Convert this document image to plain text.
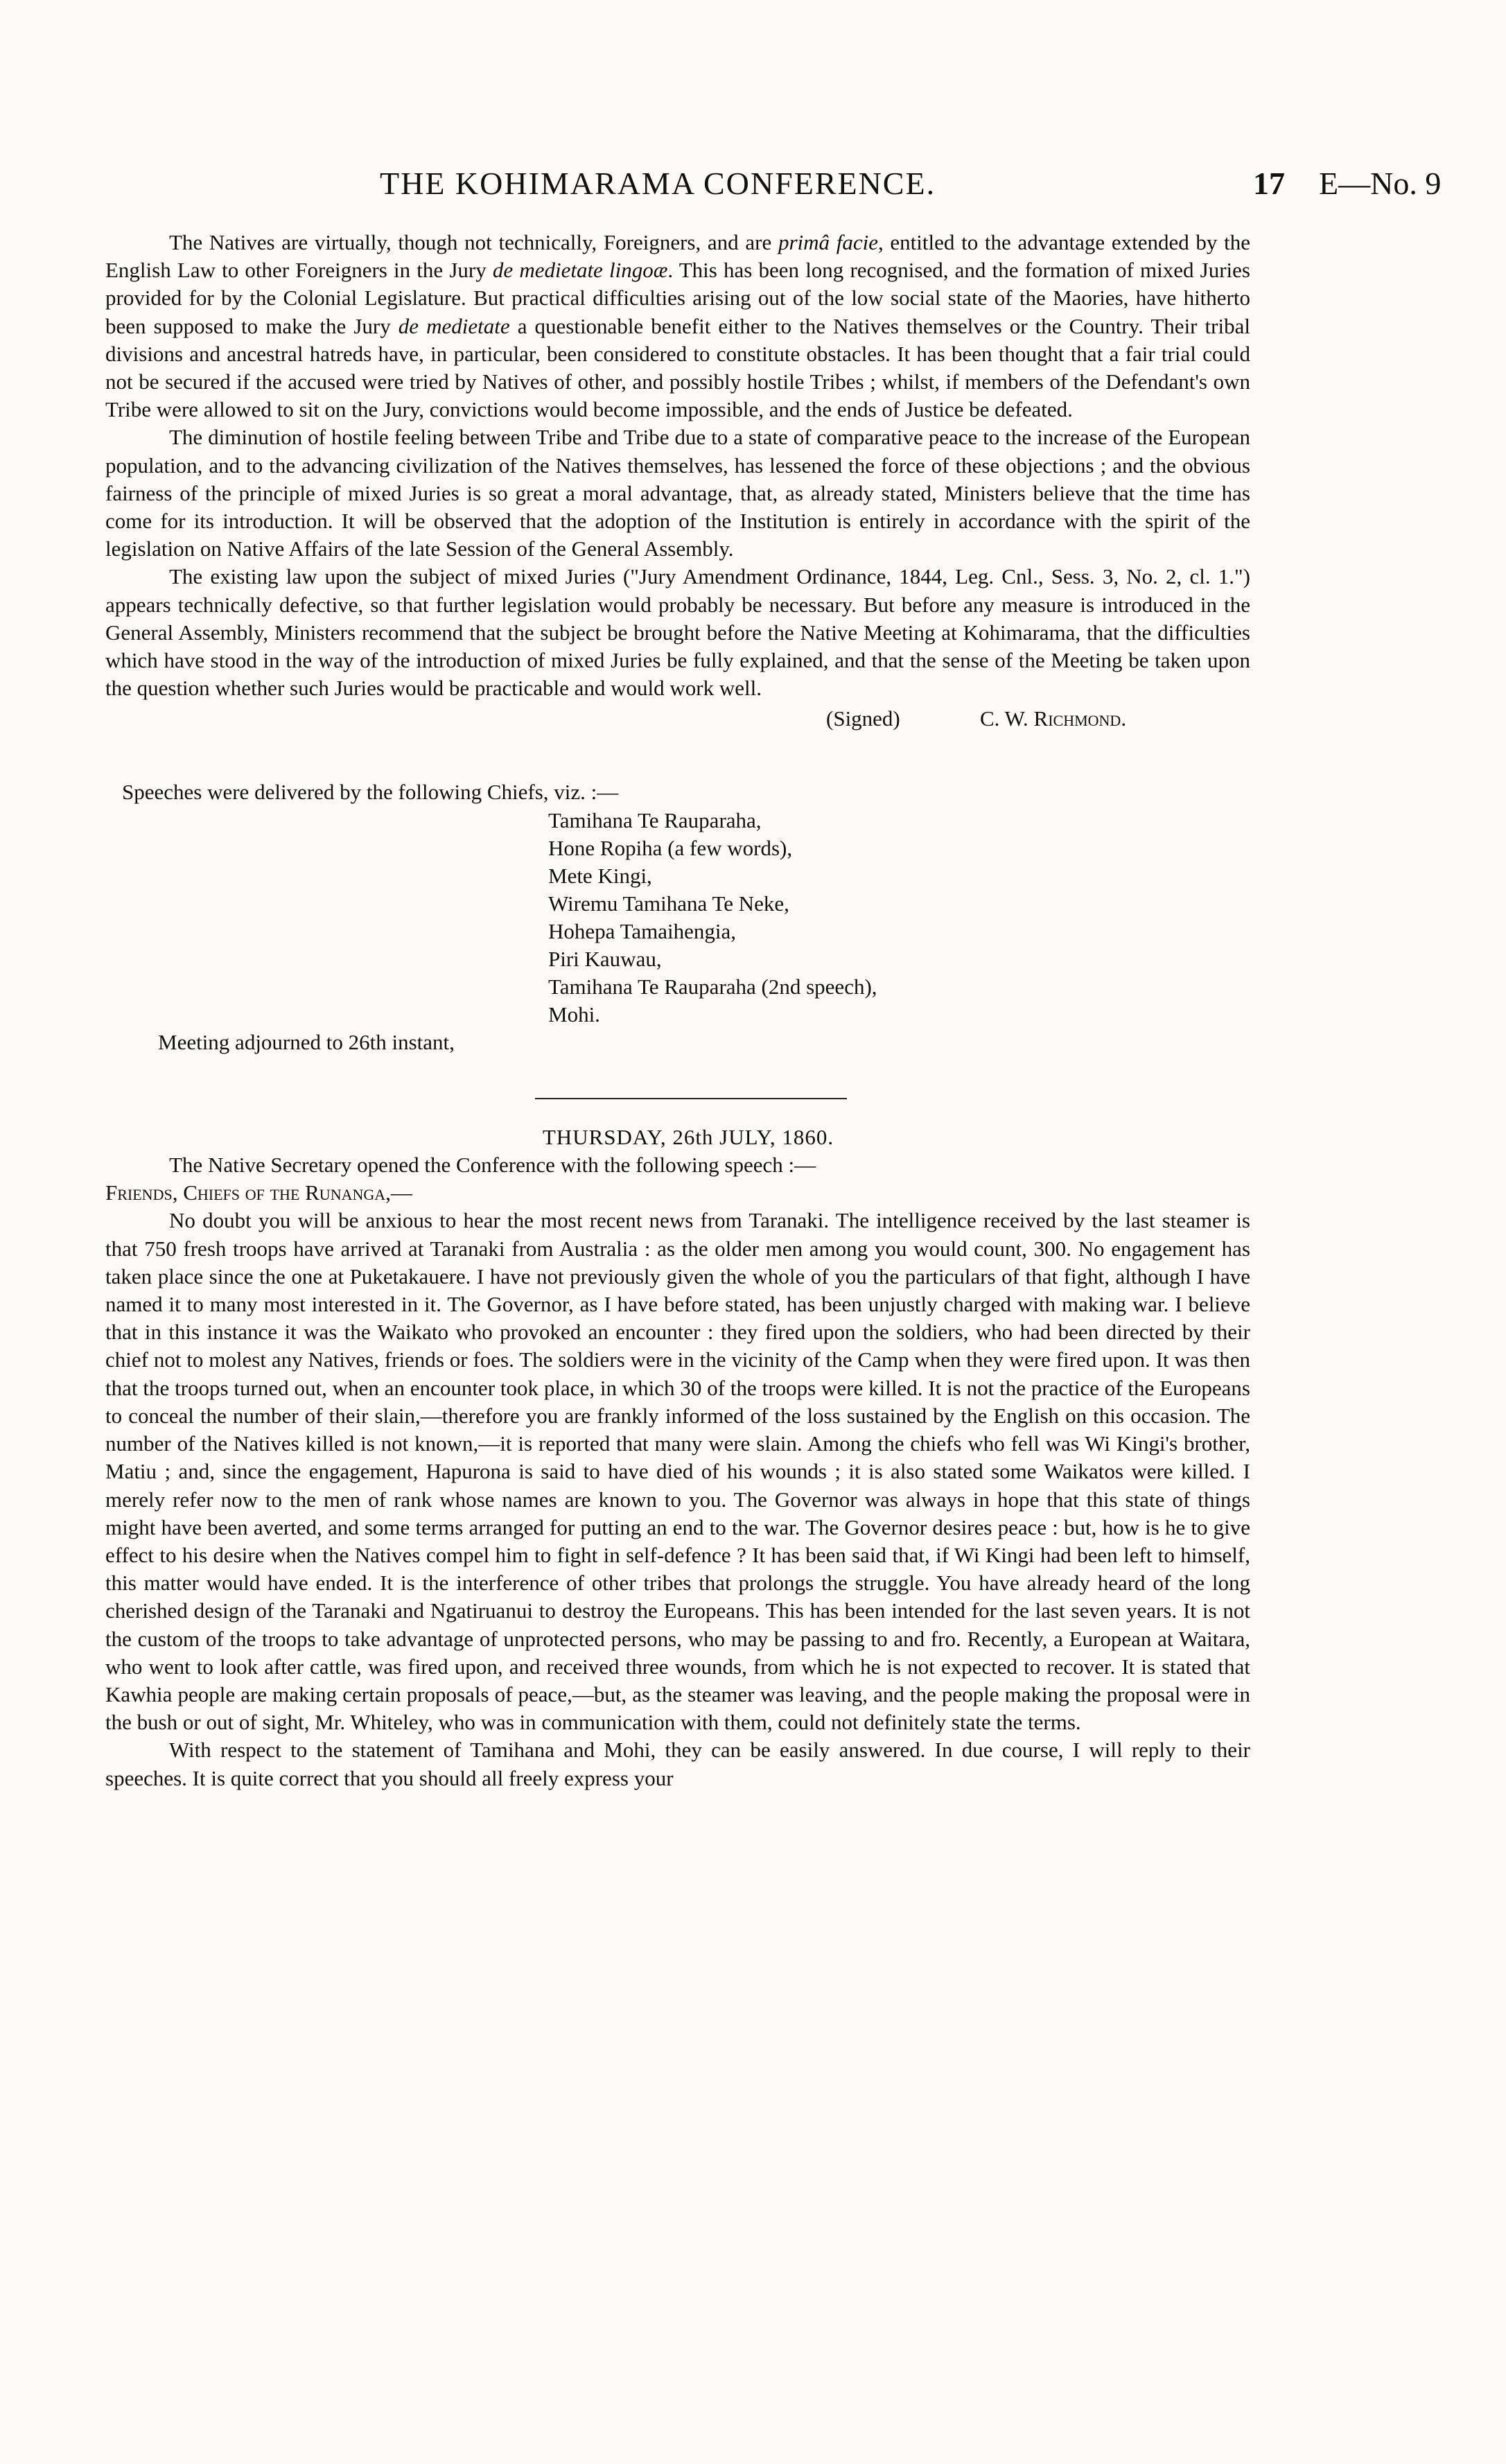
THE KOHIMARAMA CONFERENCE.	17 E—No. 9

The Natives are virtually, though not technically, Foreigners, and are primâ facie, entitled to the advantage extended by the English Law to other Foreigners in the Jury de medietate lingoæ. This has been long recognised, and the formation of mixed Juries provided for by the Colonial Legislature. But practical difficulties arising out of the low social state of the Maories, have hitherto been supposed to make the Jury de medietate a questionable benefit either to the Natives themselves or the Country. Their tribal divisions and ancestral hatreds have, in particular, been considered to constitute obstacles. It has been thought that a fair trial could not be secured if the accused were tried by Natives of other, and possibly hostile Tribes ; whilst, if members of the Defendant's own Tribe were allowed to sit on the Jury, convictions would become impossible, and the ends of Justice be defeated.

The diminution of hostile feeling between Tribe and Tribe due to a state of comparative peace to the increase of the European population, and to the advancing civilization of the Natives themselves, has lessened the force of these objections ; and the obvious fairness of the principle of mixed Juries is so great a moral advantage, that, as already stated, Ministers believe that the time has come for its introduction. It will be observed that the adoption of the Institution is entirely in accordance with the spirit of the legislation on Native Affairs of the late Session of the General Assembly.

The existing law upon the subject of mixed Juries ("Jury Amendment Ordinance, 1844, Leg. Cnl., Sess. 3, No. 2, cl. 1.") appears technically defective, so that further legislation would probably be necessary. But before any measure is introduced in the General Assembly, Ministers recommend that the subject be brought before the Native Meeting at Kohimarama, that the difficulties which have stood in the way of the introduction of mixed Juries be fully explained, and that the sense of the Meeting be taken upon the question whether such Juries would be practicable and would work well.

(Signed)	C. W. Richmond.
Speeches were delivered by the following Chiefs, viz. :—
Tamihana Te Rauparaha,
Hone Ropiha (a few words),
Mete Kingi,
Wiremu Tamihana Te Neke,
Hohepa Tamaihengia,
Piri Kauwau,
Tamihana Te Rauparaha (2nd speech),
Mohi.
Meeting adjourned to 26th instant,
THURSDAY, 26th JULY, 1860.

The Native Secretary opened the Conference with the following speech :—

Friends, Chiefs of the Runanga,—

No doubt you will be anxious to hear the most recent news from Taranaki. The intelligence received by the last steamer is that 750 fresh troops have arrived at Taranaki from Australia : as the older men among you would count, 300. No engagement has taken place since the one at Puketakauere. I have not previously given the whole of you the particulars of that fight, although I have named it to many most interested in it. The Governor, as I have before stated, has been unjustly charged with making war. I believe that in this instance it was the Waikato who provoked an encounter : they fired upon the soldiers, who had been directed by their chief not to molest any Natives, friends or foes. The soldiers were in the vicinity of the Camp when they were fired upon. It was then that the troops turned out, when an encounter took place, in which 30 of the troops were killed. It is not the practice of the Europeans to conceal the number of their slain,—therefore you are frankly informed of the loss sustained by the English on this occasion. The number of the Natives killed is not known,—it is reported that many were slain. Among the chiefs who fell was Wi Kingi's brother, Matiu ; and, since the engagement, Hapurona is said to have died of his wounds ; it is also stated some Waikatos were killed. I merely refer now to the men of rank whose names are known to you. The Governor was always in hope that this state of things might have been averted, and some terms arranged for putting an end to the war. The Governor desires peace : but, how is he to give effect to his desire when the Natives compel him to fight in self-defence ? It has been said that, if Wi Kingi had been left to himself, this matter would have ended. It is the interference of other tribes that prolongs the struggle. You have already heard of the long cherished design of the Taranaki and Ngatiruanui to destroy the Europeans. This has been intended for the last seven years. It is not the custom of the troops to take advantage of unprotected persons, who may be passing to and fro. Recently, a European at Waitara, who went to look after cattle, was fired upon, and received three wounds, from which he is not expected to recover. It is stated that Kawhia people are making certain proposals of peace,—but, as the steamer was leaving, and the people making the proposal were in the bush or out of sight, Mr. Whiteley, who was in communication with them, could not definitely state the terms.

With respect to the statement of Tamihana and Mohi, they can be easily answered. In due course, I will reply to their speeches. It is quite correct that you should all freely express your
